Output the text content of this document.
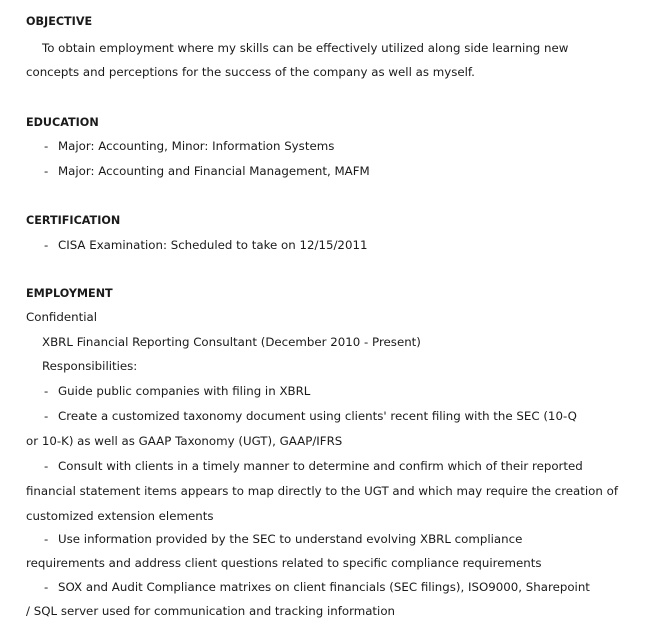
OBJECTIVE
To obtain employment where my skills can be effectively utilized along side learning new
concepts and perceptions for the success of the company as well as myself.
EDUCATION
- Major: Accounting, Minor: Information Systems
- Major: Accounting and Financial Management, MAFM
CERTIFICATION
- CISA Examination: Scheduled to take on 12/15/2011
EMPLOYMENT
Confidential
XBRL Financial Reporting Consultant (December 2010 - Present)
Responsibilities:
- Guide public companies with filing in XBRL
- Create a customized taxonomy document using clients' recent filing with the SEC (10-Q
or 10-K) as well as GAAP Taxonomy (UGT), GAAP/IFRS
- Consult with clients in a timely manner to determine and confirm which of their reported
financial statement items appears to map directly to the UGT and which may require the creation of
customized extension elements
- Use information provided by the SEC to understand evolving XBRL compliance
requirements and address client questions related to specific compliance requirements
- SOX and Audit Compliance matrixes on client financials (SEC filings), ISO9000, Sharepoint
/ SQL server used for communication and tracking information
